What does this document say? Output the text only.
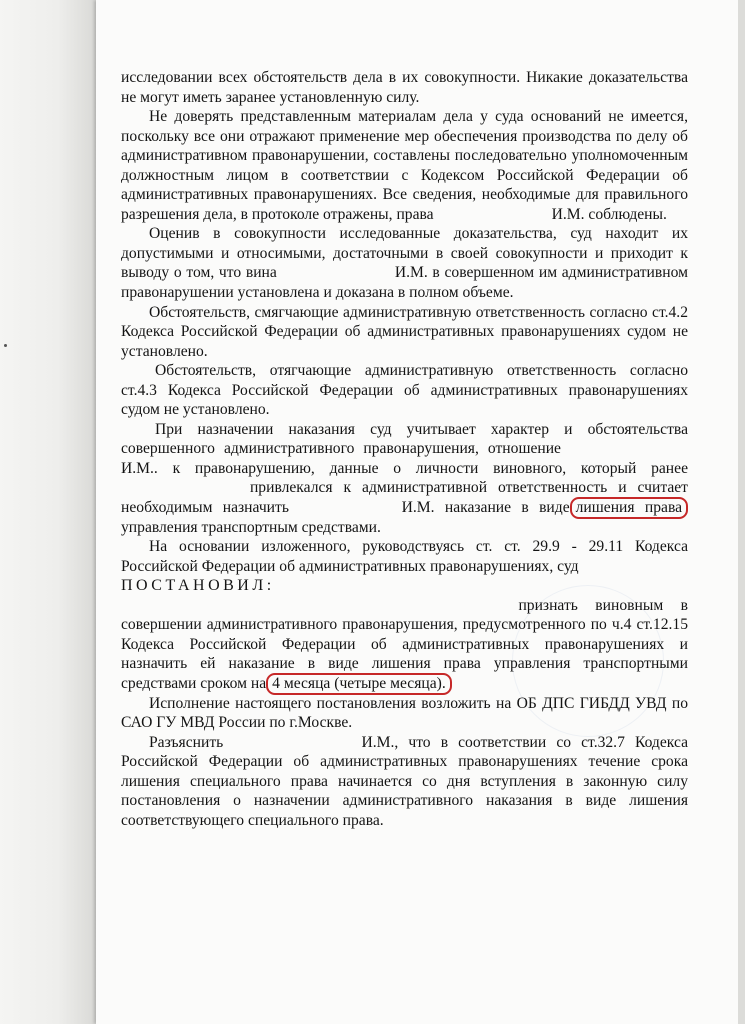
исследовании всех обстоятельств дела в их совокупности. Никакие доказательства не могут иметь заранее установленную силу.

Не доверять представленным материалам дела у суда оснований не имеется, поскольку все они отражают применение мер обеспечения производства по делу об административном правонарушении, составлены последовательно уполномоченным должностным лицом в соответствии с Кодексом Российской Федерации об административных правонарушениях. Все сведения, необходимые для правильного разрешения дела, в протоколе отражены, права	И.М. соблюдены.

Оценив в совокупности исследованные доказательства, суд находит их допустимыми и относимыми, достаточными в своей совокупности и приходит к выводу о том, что вина	И.М. в совершенном им административном правонарушении установлена и доказана в полном объеме.

Обстоятельств, смягчающие административную ответственность согласно ст.4.2 Кодекса Российской Федерации об административных правонарушениях судом не установлено.

Обстоятельств, отягчающие административную ответственность согласно ст.4.3 Кодекса Российской Федерации об административных правонарушениях судом не установлено.

При назначении наказания суд учитывает характер и обстоятельства совершенного административного правонарушения, отношение  И.М.. к правонарушению, данные о личности виновного, который ранее  привлекался к административной ответственность и считает необходимым назначить	И.М. наказание в виде лишения права управления транспортным средствами.

На основании изложенного, руководствуясь ст. ст. 29.9 - 29.11 Кодекса Российской Федерации об административных правонарушениях, суд

ПОСТАНОВИЛ:

признать виновным в совершении административного правонарушения, предусмотренного по ч.4 ст.12.15 Кодекса Российской Федерации об административных правонарушениях и назначить ей наказание в виде лишения права управления транспортными средствами сроком на 4 месяца (четыре месяца).

Исполнение настоящего постановления возложить на ОБ ДПС ГИБДД УВД по САО ГУ МВД России по г.Москве.

Разъяснить	И.М., что в соответствии со ст.32.7 Кодекса Российской Федерации об административных правонарушениях течение срока лишения специального права начинается со дня вступления в законную силу постановления о назначении административного наказания в виде лишения соответствующего специального права.
